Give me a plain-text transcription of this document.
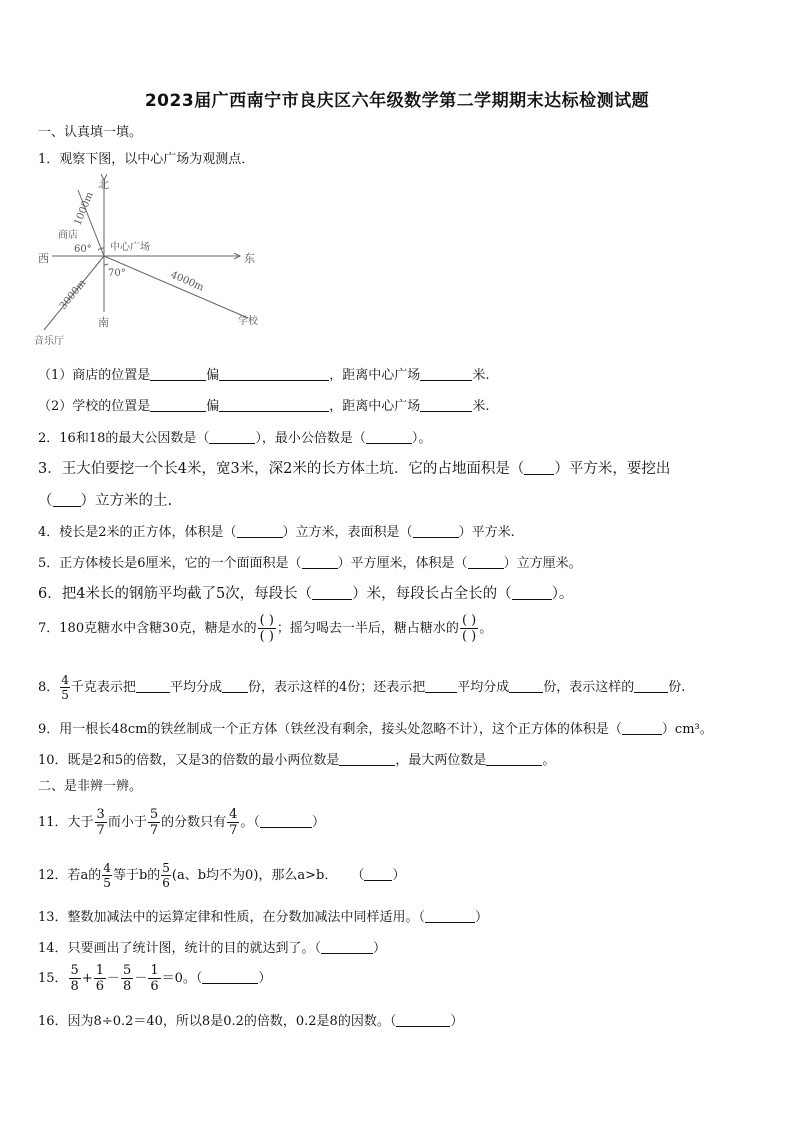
2023届广西南宁市良庆区六年级数学第二学期期末达标检测试题
一、认真填一填。
1．观察下图，以中心广场为观测点．
北
南
西	东
中心广场
商店
学校
音乐厅
60°
70°
1000m
4000m
3000m
（1）商店的位置是	偏	，距离中心广场	米.
（2）学校的位置是	偏	，距离中心广场	米.
2．16和18的最大公因数是（	），最小公倍数是（	）。
3．王大伯要挖一个长4米，宽3米，深2米的长方体土坑．它的占地面积是（ ）平方米，要挖出
（ ）立方米的土.
4．棱长是2米的正方体，体积是（	）立方米，表面积是（	）平方米.
5．正方体棱长是6厘米，它的一个面面积是（	）平方厘米，体积是（	）立方厘米。
6．把4米长的钢筋平均截了5次，每段长（	）米，每段长占全长的（	）。
7．180克糖水中含糖30克，糖是水的 $\frac{( )}{( )}$ ；摇匀喝去一半后，糖占糖水的 $\frac{( )}{( )}$ 。
8． $\frac{4}{5}$ 千克表示把	平均分成 份，表示这样的4份；还表示把 平均分成	份，表示这样的	份.
9．用一根长48cm的铁丝制成一个正方体（铁丝没有剩余，接头处忽略不计），这个正方体的体积是（	）cm³。
10．既是2和5的倍数，又是3的倍数的最小两位数是	，最大两位数是	。
二、是非辨一辨。
11．大于 $\frac{3}{7}$ 而小于 $\frac{5}{7}$ 的分数只有 $\frac{4}{7}$ 。（	）
12．若a的 $\frac{4}{5}$ 等于b的 $\frac{5}{6} (a$、b均不为0)，那么a>b． （ ）
13．整数加减法中的运算定律和性质，在分数加减法中同样适用。（	）
14．只要画出了统计图，统计的目的就达到了。（	）
15． $\frac{5}{8} + \frac{1}{6} - \frac{5}{8} - \frac{1}{6} =0$。（	）
16．因为8÷0.2＝40，所以8是0.2的倍数，0.2是8的因数。（	）
